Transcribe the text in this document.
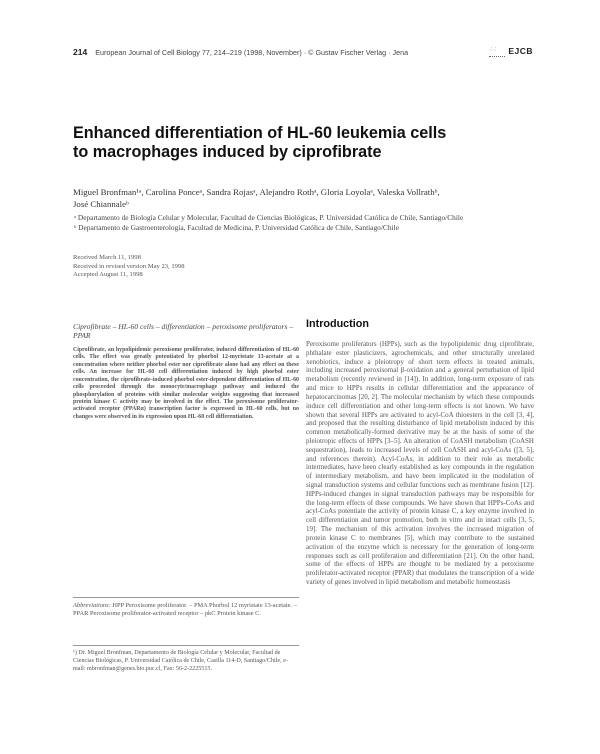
214 European Journal of Cell Biology 77, 214–219 (1998, November) · © Gustav Fischer Verlag · Jena	·:·:	EJCB
Enhanced differentiation of HL-60 leukemia cells
to macrophages induced by ciprofibrate
Miguel Bronfman¹ᵃ, Carolina Ponceᵃ, Sandra Rojasᵃ, Alejandro Rothᵃ, Gloria Loyolaᵃ, Valeska Vollrathᵇ,
José Chiannaleᵇ
ᵃ Departamento de Biología Celular y Molecular, Facultad de Ciencias Biológicas, P. Universidad Católica de Chile, Santiago/Chile
ᵇ Departamento de Gastroenterología, Facultad de Medicina, P. Universidad Católica de Chile, Santiago/Chile
Received March 11, 1998
Received in revised version May 23, 1998
Accepted August 11, 1998
Ciprofibrate – HL-60 cells – differentiation – peroxisome proliferators – PPAR
Ciprofibrate, an hypolipidemic peroxisome proliferator, induced differentiation of HL-60 cells. The effect was greatly potentiated by phorbol 12-myristate 13-acetate at a concentration where neither phorbol ester nor ciprofibrate alone had any effect on these cells. An increase for HL-60 cell differentiation induced by high phorbol ester concentration, the ciprofibrate-induced phorbol ester-dependent differentiation of HL-60 cells proceeded through the monocyte/macrophage pathway and induced the phosphorylation of proteins with similar molecular weights suggesting that increased protein kinase C activity may be involved in the effect. The peroxisome proliferator-activated receptor (PPARα) transcription factor is expressed in HL-60 cells, but no changes were observed in its expression upon HL-60 cell differentiation.
Abbreviations: HPP Peroxisome proliferator. – PMA Phorbol 12 myristate 13-acetate. – PPAR Peroxisome proliferator-activated receptor – pkC Protein kinase C.
¹) Dr. Miguel Bronfman, Departamento de Biología Celular y Molecular, Facultad de Ciencias Biológicas, P. Universidad Católica de Chile, Casilla 114-D, Santiago/Chile, e-mail: mbronfman@genes.bio.puc.cl, Fax: 56-2-2225515.
Introduction
Peroxisome proliferators (HPPs), such as the hypolipidemic drug ciprofibrate, phthalate ester plasticizers, agrochemicals, and other structurally unrelated xenobiotics, induce a pleiotropy of short term effects in treated animals, including increased peroxisomal β-oxidation and a general perturbation of lipid metabolism (recently reviewed in [14]). In addition, long-term exposure of rats and mice to HPPs results in cellular differentiation and the appearance of hepatocarcinomas [20, 2]. The molecular mechanism by which these compounds induce cell differentiation and other long-term effects is not known. We have shown that several HPPs are activated to acyl-CoA thioesters in the cell [3, 4], and proposed that the resulting disturbance of lipid metabolism induced by this common metabolically-formed derivative may be at the basis of some of the pleiotropic effects of HPPs [3–5]. An alteration of CoASH metabolism (CoASH sequestration), leads to increased levels of cell CoASH and acyl-CoAs ([3, 5], and references therein). Acyl-CoAs, in addition to their role as metabolic intermediates, have been clearly established as key compounds in the regulation of intermediary metabolism, and have been implicated in the modulation of signal transduction systems and cellular functions such as membrane fusion [12]. HPPs-induced changes in signal transduction pathways may be responsible for the long-term effects of these compounds. We have shown that HPPs-CoAs and acyl-CoAs potentiate the activity of protein kinase C, a key enzyme involved in cell differentiation and tumor promotion, both in vitro and in intact cells [3, 5, 19]. The mechanism of this activation involves the increased migration of protein kinase C to membranes [5], which may contribute to the sustained activation of the enzyme which is necessary for the generation of long-term responses such as cell proliferation and differentiation [21]. On the other hand, some of the effects of HPPs are thought to be mediated by a peroxisome proliferator-activated receptor (PPAR) that modulates the transcription of a wide variety of genes involved in lipid metabolism and metabolic homeostasis
